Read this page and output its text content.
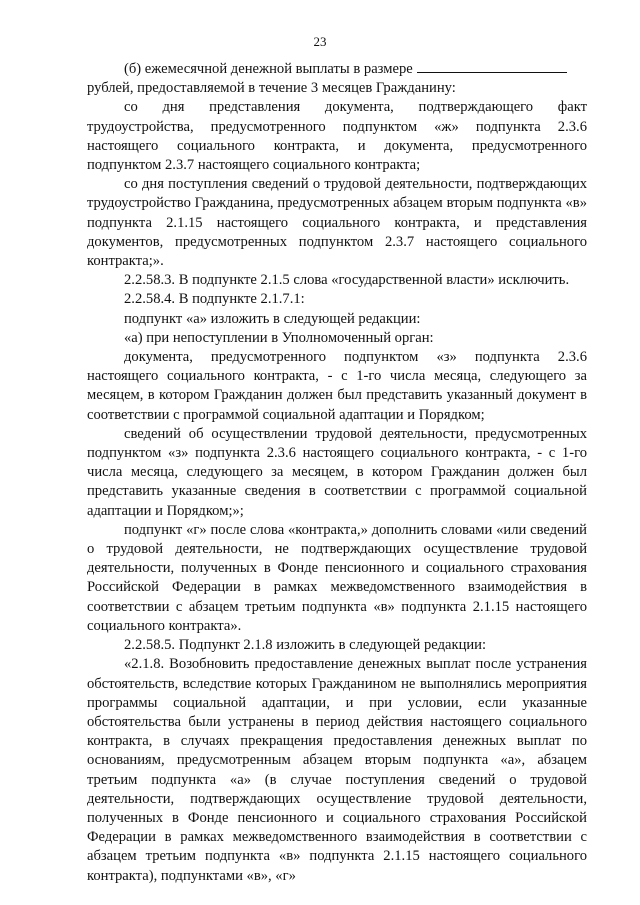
23

(б) ежемесячной денежной выплаты в размере

рублей, предоставляемой в течение 3 месяцев Гражданину:

со дня представления документа, подтверждающего факт трудоустройства, предусмотренного подпунктом «ж» подпункта 2.3.6 настоящего социального контракта, и документа, предусмотренного подпунктом 2.3.7 настоящего социального контракта;

со дня поступления сведений о трудовой деятельности, подтверждающих трудоустройство Гражданина, предусмотренных абзацем вторым подпункта «в» подпункта 2.1.15 настоящего социального контракта, и представления документов, предусмотренных подпунктом 2.3.7 настоящего социального контракта;».

2.2.58.3. В подпункте 2.1.5 слова «государственной власти» исключить.

2.2.58.4. В подпункте 2.1.7.1:

подпункт «а» изложить в следующей редакции:

«а) при непоступлении в Уполномоченный орган:

документа, предусмотренного подпунктом «з» подпункта 2.3.6 настоящего социального контракта, - с 1-го числа месяца, следующего за месяцем, в котором Гражданин должен был представить указанный документ в соответствии с программой социальной адаптации и Порядком;

сведений об осуществлении трудовой деятельности, предусмотренных подпунктом «з» подпункта 2.3.6 настоящего социального контракта, - с 1-го числа месяца, следующего за месяцем, в котором Гражданин должен был представить указанные сведения в соответствии с программой социальной адаптации и Порядком;»;

подпункт «г» после слова «контракта,» дополнить словами «или сведений о трудовой деятельности, не подтверждающих осуществление трудовой деятельности, полученных в Фонде пенсионного и социального страхования Российской Федерации в рамках межведомственного взаимодействия в соответствии с абзацем третьим подпункта «в» подпункта 2.1.15 настоящего социального контракта».

2.2.58.5. Подпункт 2.1.8 изложить в следующей редакции:

«2.1.8. Возобновить предоставление денежных выплат после устранения обстоятельств, вследствие которых Гражданином не выполнялись мероприятия программы социальной адаптации, и при условии, если указанные обстоятельства были устранены в период действия настоящего социального контракта, в случаях прекращения предоставления денежных выплат по основаниям, предусмотренным абзацем вторым подпункта «а», абзацем третьим подпункта «а» (в случае поступления сведений о трудовой деятельности, подтверждающих осуществление трудовой деятельности, полученных в Фонде пенсионного и социального страхования Российской Федерации в рамках межведомственного взаимодействия в соответствии с абзацем третьим подпункта «в» подпункта 2.1.15 настоящего социального контракта), подпунктами «в», «г»
